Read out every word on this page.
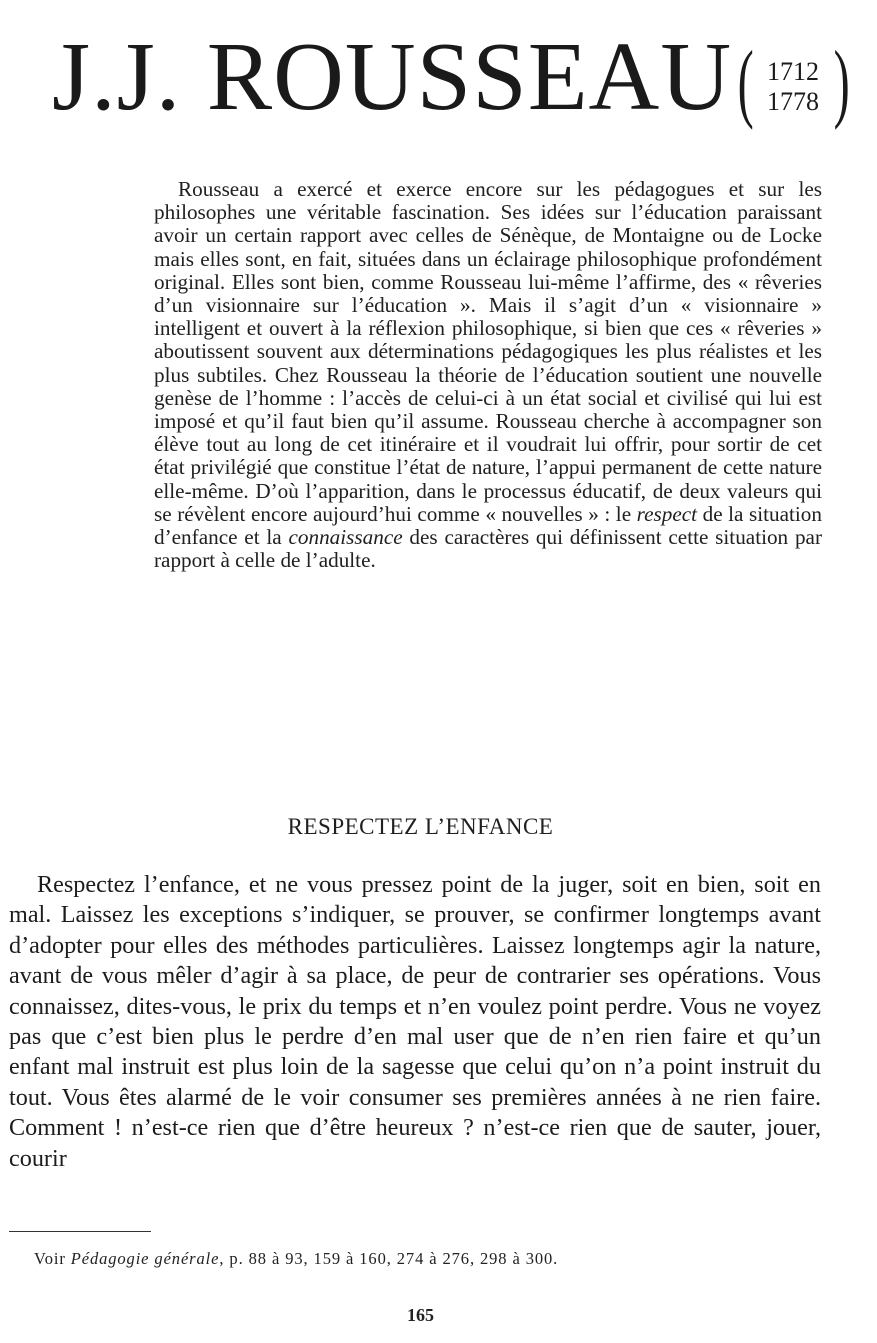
J.J. ROUSSEAU ( 1712
1778 )

Rousseau a exercé et exerce encore sur les pédagogues et sur les philosophes une véritable fascination. Ses idées sur l’éducation paraissant avoir un certain rapport avec celles de Sénèque, de Montaigne ou de Locke mais elles sont, en fait, situées dans un éclairage philosophique profondément original. Elles sont bien, comme Rousseau lui-même l’affirme, des « rêveries d’un visionnaire sur l’éducation ». Mais il s’agit d’un « visionnaire » intelligent et ouvert à la réflexion philosophique, si bien que ces « rêveries » aboutissent souvent aux déterminations pédagogiques les plus réalistes et les plus subtiles. Chez Rousseau la théorie de l’éducation soutient une nouvelle genèse de l’homme : l’accès de celui-ci à un état social et civilisé qui lui est imposé et qu’il faut bien qu’il assume. Rousseau cherche à accompagner son élève tout au long de cet itinéraire et il voudrait lui offrir, pour sortir de cet état privilégié que constitue l’état de nature, l’appui permanent de cette nature elle-même. D’où l’apparition, dans le processus éducatif, de deux valeurs qui se révèlent encore aujourd’hui comme « nouvelles » : le respect de la situation d’enfance et la connaissance des caractères qui définissent cette situation par rapport à celle de l’adulte.

RESPECTEZ L’ENFANCE

Respectez l’enfance, et ne vous pressez point de la juger, soit en bien, soit en mal. Laissez les exceptions s’indiquer, se prouver, se confirmer longtemps avant d’adopter pour elles des méthodes particulières. Laissez longtemps agir la nature, avant de vous mêler d’agir à sa place, de peur de contrarier ses opérations. Vous connaissez, dites-vous, le prix du temps et n’en voulez point perdre. Vous ne voyez pas que c’est bien plus le perdre d’en mal user que de n’en rien faire et qu’un enfant mal instruit est plus loin de la sagesse que celui qu’on n’a point instruit du tout. Vous êtes alarmé de le voir consumer ses premières années à ne rien faire. Comment ! n’est-ce rien que d’être heureux ? n’est-ce rien que de sauter, jouer, courir

Voir Pédagogie générale, p. 88 à 93, 159 à 160, 274 à 276, 298 à 300.
165
